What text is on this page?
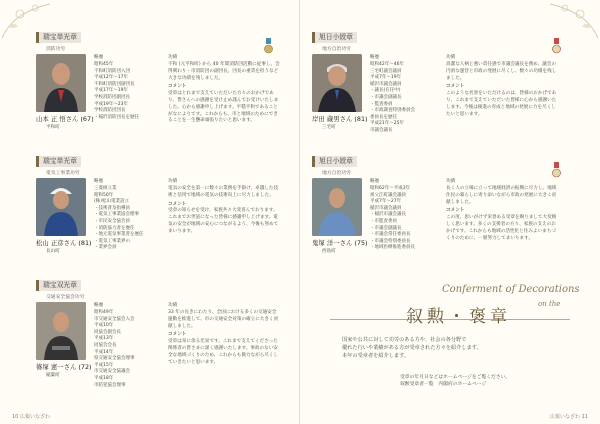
瑞宝単光章
消防功労
山本 正 悟さん (67)
平和町
略歴
昭和45年
不和町消防団入団
平成12年〜17年
不和町消防団副団長
平成17年〜19年
学校消防団副団長
平成19年〜23年
学校消防団団長
・稲沢消防団長を歴任
功績
不和 (元平和町) から 40 年間消防団活動に従事し、会得関わり・市消防団の副団長、団長の重責を担うなど大きな功績を残しました。
コメント
受章はとれまで支えていただいた方々のおかげであり、皆さんへの感謝を受け止め謹んでお受けいたしました。心から感謝申し上げます。平穏平和であることがなによりです。これからも、市と地域のためにできることを一生懸命頑張りたいと思います。
瑞宝単光章
電気工事業功労
松山 正彦さん (81)
長山町
略歴
三菱組立業
昭和50年
(株)松山電業設立
・技術普及指導員
・電気工事業協会理事
・市民安全協会員
・消防協力者を歴任
・地元電気事業者を歴任
・電気工事業界の
・業界会員
功績
電気の安全を第一に数々の業務を手掛け、卓越した技術と信用で地域の電気の技術向上に尽力しました。
コメント
受章の知らせを受け、家族共々大変喜んでおります。これまでお世話になった皆様に感謝申し上げます。電気の安全が地域の安心につながるよう、今後も努めてまいります。
瑞宝双光章
交通安全協会功労
篠塚 憲一さん (72)
稲葉町
略歴
昭和49年
市交通安全協会入会
平成10年
同協会副会長
平成13年
同協会会長
平成14年
県交通安全協会理事
平成15年
市交通安全協議会
平成18年
市防犯協会理事
功績
33 年の長きにわたり、全国における多くの交通安全運動を推進して、市の交通安全対策の確立に大きく貢献しました。
コメント
受章は身に余る光栄です。これまで支えてくださった関係者の皆さまに深く感謝いたします。事故のない安全な地域づくりのため、これからも微力ながら尽くしていきたいと思います。
10 広報いなざわ
旭日小綬章
地方自治功労
岸田 蔵男さん (81)
三宅町
略歴
昭和42年〜46年
三宅町議会議員
平成7年〜19年
稲沢市議会議員
・議長(在任中)
・市議会副議長
・監査委員
・市政調査特別委員会
委員長を歴任
平成21年〜25年
市議会議長
功績
高潔な人柄と強い責任感で市議会議長を務め、議会の円滑な運営と市政の発展に尽くし、数々の功績を残しました。
コメント
このような名誉をいただけるのは、皆様のおかげであり、これまで支えていただいた皆様に心から感謝いたします。今後は後進の育成と地域の発展に力を尽くしたいと思います。
旭日小綬章
地方自治功労
鬼塚 洋一さん (75)
西島町
略歴
昭和62年〜平成3年
祖父江町議会議員
平成7年〜27年
稲沢市議会議員
・稲沢市議会議長
・市監査委員
・市議会副議長
・市議会常任委員長
・市議会特別委員長
・地域医療推進委員長
功績
長く人の立場に立って地域経済の振興に尽力し、地域住民の暮らしに寄り添いながら市政の発展に大きく貢献しました。
コメント
この度、思いがけず栄誉ある受章を賜りまして大変嬉しく思います。多くの支援者の方々、家族の支えのおかげです。これからも地域の活性化と住みよいまちづくりのために、一層努力してまいります。
Conferment of Decorations
on the
叙勲・褒章
国家や公共に対して功労のある方や、社会の各分野で
優れた行いや業績がある方が受章された方々を紹介します。
本年の受章者を紹介します。
受章の年月日などはホームページをご覧ください。
叙勲受章者一覧　内閣府のホームページ
広報いなざわ 11
